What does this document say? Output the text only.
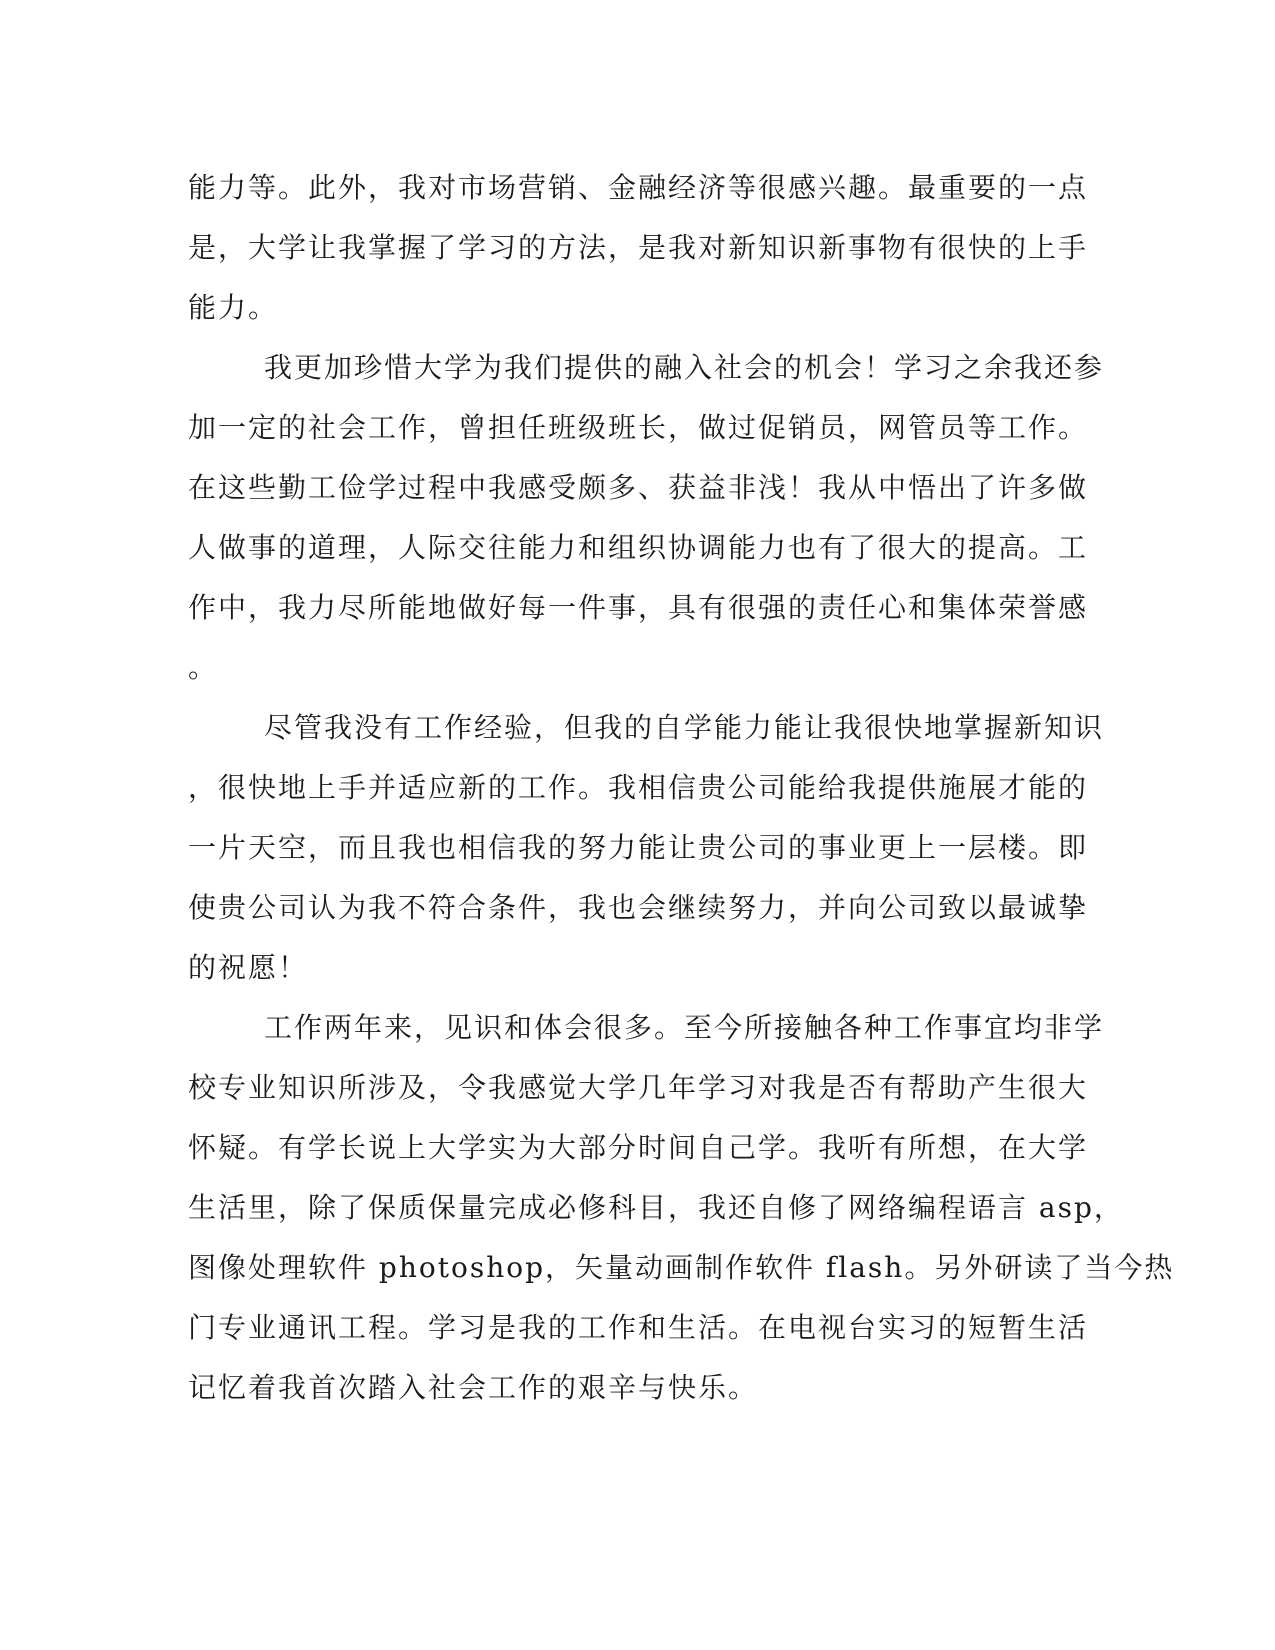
能力等。此外，我对市场营销、金融经济等很感兴趣。最重要的一点
是，大学让我掌握了学习的方法，是我对新知识新事物有很快的上手
能力。
我更加珍惜大学为我们提供的融入社会的机会！学习之余我还参
加一定的社会工作，曾担任班级班长，做过促销员，网管员等工作。
在这些勤工俭学过程中我感受颇多、获益非浅！我从中悟出了许多做
人做事的道理，人际交往能力和组织协调能力也有了很大的提高。工
作中，我力尽所能地做好每一件事，具有很强的责任心和集体荣誉感
。
尽管我没有工作经验，但我的自学能力能让我很快地掌握新知识
，很快地上手并适应新的工作。我相信贵公司能给我提供施展才能的
一片天空，而且我也相信我的努力能让贵公司的事业更上一层楼。即
使贵公司认为我不符合条件，我也会继续努力，并向公司致以最诚挚
的祝愿！
工作两年来，见识和体会很多。至今所接触各种工作事宜均非学
校专业知识所涉及，令我感觉大学几年学习对我是否有帮助产生很大
怀疑。有学长说上大学实为大部分时间自己学。我听有所想，在大学
生活里，除了保质保量完成必修科目，我还自修了网络编程语言 asp，
图像处理软件 photoshop，矢量动画制作软件 flash。另外研读了当今热
门专业通讯工程。学习是我的工作和生活。在电视台实习的短暂生活
记忆着我首次踏入社会工作的艰辛与快乐。
